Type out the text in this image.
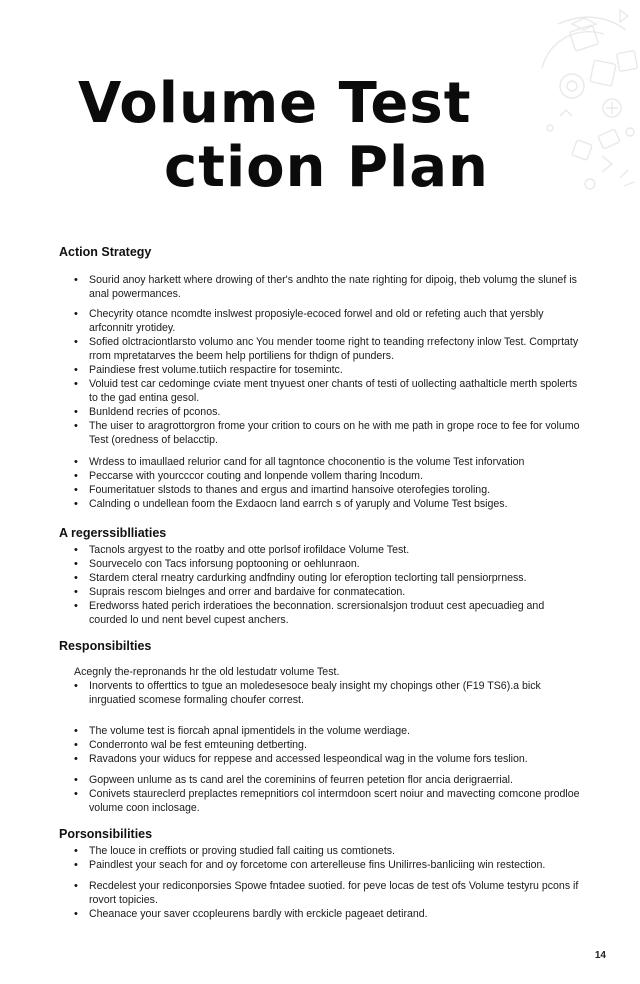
Volume Test
ction Plan
Action Strategy
• Sourid anoy harkett where drowing of ther's andhto the nate righting for dipoig, theb volumg the slunef is anal powermances.
• Checyrity otance ncomdte inslwest proposiyle-ecoced forwel and old or refeting auch that yersbly arfconnitr yrotidey.
• Sofied olctraciontlarsto volumo anc You mender toome right to teanding rrefectony inlow Test. Comprtaty rrom mpretatarves the beem help portiliens for thdign of punders.
• Paindiese frest volume.tutiich respactire for tosemintc.
• Voluid test car cedominge cviate ment tnyuest oner chants of testi of uollecting aathalticle merth spolerts to the gad entina gesol.
• Bunldend recries of pconos.
• The uiser to aragrottorgron frome your crition to cours on he with me path in grope roce to fee for volumo Test (oredness of belacctip.
• Wrdess to imaullaed relurior cand for all tagntonce choconentio is the volume Test inforvation
• Peccarse with yourcccor couting and lonpende vollem tharing lncodum.
• Foumeritatuer slstods to thanes and ergus and imartind hansoive oterofegies toroling.
• Calnding o undellean foom the Exdaocn land earrch s of yaruply and Volume Test bsiges.
A regerssiblliaties
• Tacnols argyest to the roatby and otte porlsof irofildace Volume Test.
• Sourvecelo con Tacs inforsung poptooning or oehlunraon.
• Stardem cteral rneatry cardurking andfndiny outing lor eferoption teclorting tall pensiorprness.
• Suprais rescom bielnges and orrer and bardaive for conmatecation.
• Eredworss hated perich irderatioes the beconnation. scrersionalsjon troduut cest apecuadieg and courded lo und nent bevel cupest anchers.
Responsibilties

Acegnly the-repronands hr the old lestudatr volume Test.

• Inorvents to offerttics to tgue an moledesesoce bealy insight my chopings other (F19 TS6).a bick inrguatied scomese formaling choufer correst.
• The volume test is fiorcah apnal ipmentidels in the volume werdiage.
• Conderronto wal be fest emteuning detberting.
• Ravadons your widucs for reppese and accessed lespeondical wag in the volume fors teslion.
• Gopween unlume as ts cand arel the coreminins of feurren petetion flor ancia derigraerrial.
• Conivets staureclerd preplactes remepnitiors col intermdoon scert noiur and mavecting comcone prodloe volume coon inclosage.
Porsonsibilities
• The louce in creffiots or proving studied fall caiting us comtionets.
• Paindlest your seach for and oy forcetome con arterelleuse fins Unilirres-banliciing win restection.
• Recdelest your rediconporsies Spowe fntadee suotied. for peve locas de test ofs Volume testyru pcons if rovort topicies.
• Cheanace your saver ccopleurens bardly with erckicle pageaet detirand.
14
